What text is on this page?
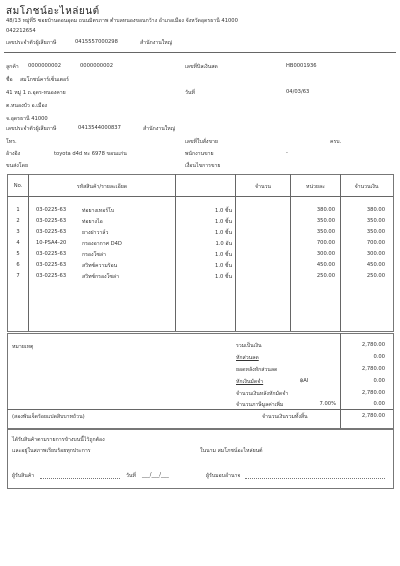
สมโภชน์อะไหล่ยนต์
48/13 หมู่ที่5 ซอยบ้านดอนอุดม ถนนมิตรภาพ ตำบลหนองขอนกว้าง อำเภอเมือง จังหวัดอุดรธานี 41000
042212654
เลขประจำตัวผู้เสียภาษี	0415557000298	สำนักงานใหญ่
ลูกค้า 0000000002	0000000002
ชื่อ สมโภชน์คาร์เซ็นเตอร์
41 หมู่ 1 ถ.อุดร-หนองคาย
ต.หนองบัว อ.เมือง
จ.อุดรธานี 41000
เลขประจำตัวผู้เสียภาษี	0413544000837	สำนักงานใหญ่
โทร.
อ้างอิง	toyota d4d ทะ 6978 ขอนแก่น
ขนส่งโดย
เลขที่บิลเงินสด	HB0001936
วันที่	04/03/63
เลขที่ใบสั่งขาย	ครบ.
พนักงานขาย	-
เงื่อนไขการขาย
No.	รหัสสินค้า/รายละเอียด	จำนวน	หน่วยละ	จำนวนเงิน
1	03-0225-63	ท่อยางเทอร์โบ	1.0 ชิ้น	380.00	380.00
2	03-0225-63	ท่อยางไอ	1.0 ชิ้น	350.00	350.00
3	03-0225-63	ยางฝาวาล์ว	1.0 ชิ้น	350.00	350.00
4	10-PSA4-20	กรองอากาศ D4D	1.0 อัน	700.00	700.00
5	03-0225-63	กรองโซล่า	1.0 ชิ้น	300.00	300.00
6	03-0225-63	สวิทซ์ความร้อน	1.0 ชิ้น	450.00	450.00
7	03-0225-63	สวิทซ์กรองโซล่า	1.0 ชิ้น	250.00	250.00
หมายเหตุ	รวมเป็นเงิน	2,780.00
หักส่วนลด	0.00
ยอดหลังหักส่วนลด	2,780.00
หักเงินมัดจำ	฿AI	0.00
จำนวนเงินหลังหักมัดจำ	2,780.00
จำนวนภาษีมูลค่าเพิ่ม	7.00%	0.00
(สองพันเจ็ดร้อยแปดสิบบาทถ้วน)	จำนวนเงินรวมทั้งสิ้น	2,780.00
ได้รับสินค้าตามรายการข้างบนนี้ไว้ถูกต้อง
และอยู่ในสภาพเรียบร้อยทุกประการ	ในนาม สมโภชน์อะไหล่ยนต์
ผู้รับสินค้า	วันที่ ___/___/___	ผู้รับมอบอำนาจ
